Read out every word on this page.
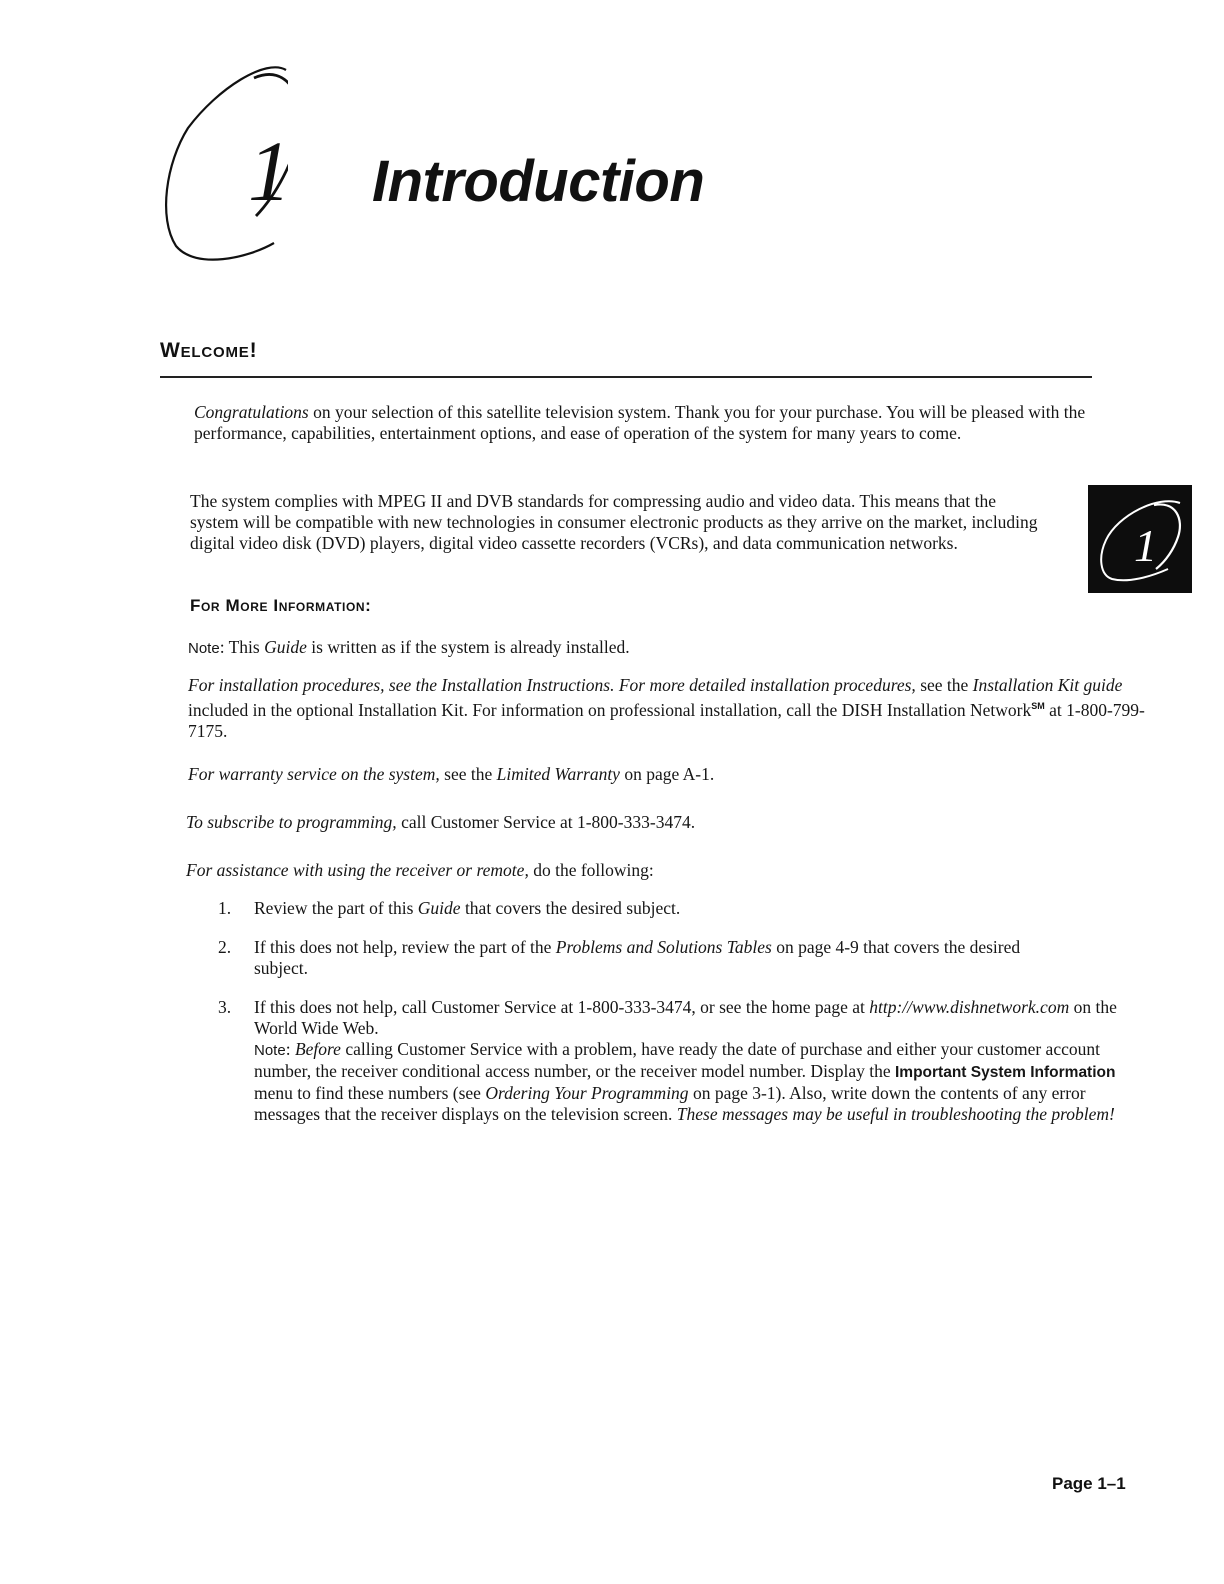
1 Introduction
Welcome!

Congratulations on your selection of this satellite television system. Thank you for your purchase. You will be pleased with the performance, capabilities, entertainment options, and ease of operation of the system for many years to come.

The system complies with MPEG II and DVB standards for compressing audio and video data. This means that the system will be compatible with new technologies in consumer electronic products as they arrive on the market, including digital video disk (DVD) players, digital video cassette recorders (VCRs), and data communication networks.	1
For More Information:

Note: This Guide is written as if the system is already installed.

For installation procedures, see the Installation Instructions. For more detailed installation procedures, see the Installation Kit guide included in the optional Installation Kit. For information on professional installation, call the DISH Installation Network℠ at 1-800-799-7175.

For warranty service on the system, see the Limited Warranty on page A-1.

To subscribe to programming, call Customer Service at 1-800-333-3474.

For assistance with using the receiver or remote, do the following:

1. Review the part of this Guide that covers the desired subject.
2. If this does not help, review the part of the Problems and Solutions Tables on page 4-9 that covers the desired subject.
3. If this does not help, call Customer Service at 1-800-333-3474, or see the home page at http://www.dishnetwork.com on the World Wide Web.
Note: Before calling Customer Service with a problem, have ready the date of purchase and either your customer account number, the receiver conditional access number, or the receiver model number. Display the Important System Information menu to find these numbers (see Ordering Your Programming on page 3-1). Also, write down the contents of any error messages that the receiver displays on the television screen. These messages may be useful in troubleshooting the problem!

Page 1–1
